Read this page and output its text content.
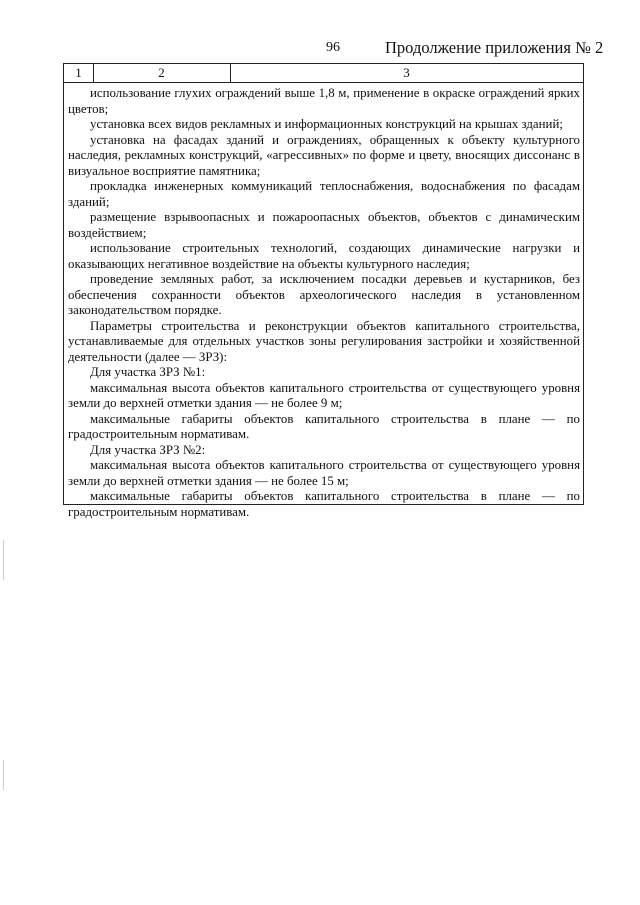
96	Продолжение приложения № 2
1	2	3

использование глухих ограждений выше 1,8 м, применение в окраске ограждений ярких цветов;

установка всех видов рекламных и информационных конструкций на крышах зданий;

установка на фасадах зданий и ограждениях, обращенных к объекту культурного наследия, рекламных конструкций, «агрессивных» по форме и цвету, вносящих диссонанс в визуальное восприятие памятника;

прокладка инженерных коммуникаций теплоснабжения, водоснабжения по фасадам зданий;

размещение взрывоопасных и пожароопасных объектов, объектов с динамическим воздействием;

использование строительных технологий, создающих динамические нагрузки и оказывающих негативное воздействие на объекты культурного наследия;

проведение земляных работ, за исключением посадки деревьев и кустарников, без обеспечения сохранности объектов археологического наследия в установленном законодательством порядке.

Параметры строительства и реконструкции объектов капитального строительства, устанавливаемые для отдельных участков зоны регулирования застройки и хозяйственной деятельности (далее — ЗРЗ):

Для участка ЗРЗ №1:

максимальная высота объектов капитального строительства от существующего уровня земли до верхней отметки здания — не более 9 м;

максимальные габариты объектов капитального строительства в плане — по градостроительным нормативам.

Для участка ЗРЗ №2:

максимальная высота объектов капитального строительства от существующего уровня земли до верхней отметки здания — не более 15 м;

максимальные габариты объектов капитального строительства в плане — по градостроительным нормативам.
